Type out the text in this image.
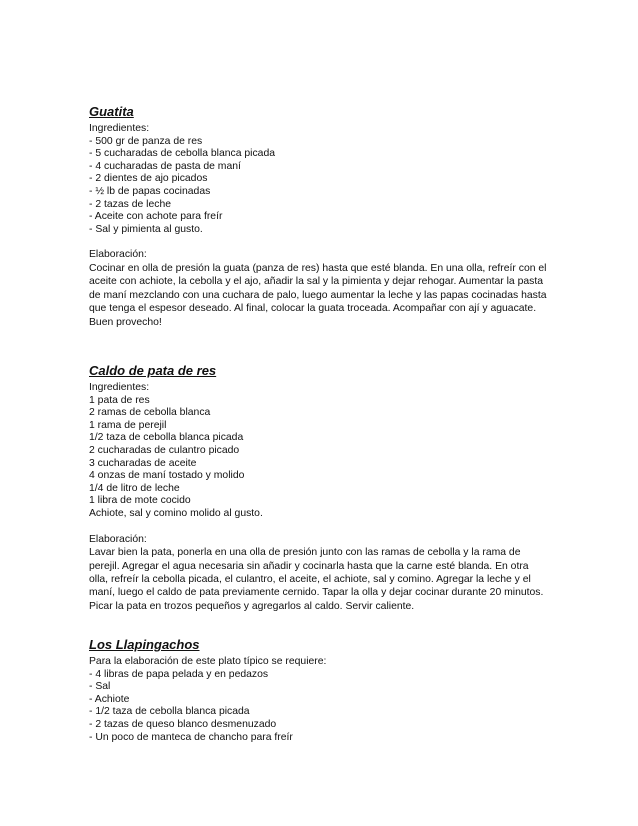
Guatita
Ingredientes:
- 500 gr de panza de res
- 5 cucharadas de cebolla blanca picada
- 4 cucharadas de pasta de maní
- 2 dientes de ajo picados
- ½ lb de papas cocinadas
- 2 tazas de leche
- Aceite con achote para freír
- Sal y pimienta al gusto.
Elaboración:
Cocinar en olla de presión la guata (panza de res) hasta que esté blanda. En una olla, refreír con el
aceite con achiote, la cebolla y el ajo, añadir la sal y la pimienta y dejar rehogar. Aumentar la pasta
de maní mezclando con una cuchara de palo, luego aumentar la leche y las papas cocinadas hasta
que tenga el espesor deseado. Al final, colocar la guata troceada. Acompañar con ají y aguacate.
Buen provecho!
Caldo de pata de res
Ingredientes:
1 pata de res
2 ramas de cebolla blanca
1 rama de perejil
1/2 taza de cebolla blanca picada
2 cucharadas de culantro picado
3 cucharadas de aceite
4 onzas de maní tostado y molido
1/4 de litro de leche
1 libra de mote cocido
Achiote, sal y comino molido al gusto.
Elaboración:
Lavar bien la pata, ponerla en una olla de presión junto con las ramas de cebolla y la rama de
perejil. Agregar el agua necesaria sin añadir y cocinarla hasta que la carne esté blanda. En otra
olla, refreír la cebolla picada, el culantro, el aceite, el achiote, sal y comino. Agregar la leche y el
maní, luego el caldo de pata previamente cernido. Tapar la olla y dejar cocinar durante 20 minutos.
Picar la pata en trozos pequeños y agregarlos al caldo. Servir caliente.
Los Llapingachos
Para la elaboración de este plato típico se requiere:
- 4 libras de papa pelada y en pedazos
- Sal
- Achiote
- 1/2 taza de cebolla blanca picada
- 2 tazas de queso blanco desmenuzado
- Un poco de manteca de chancho para freír
